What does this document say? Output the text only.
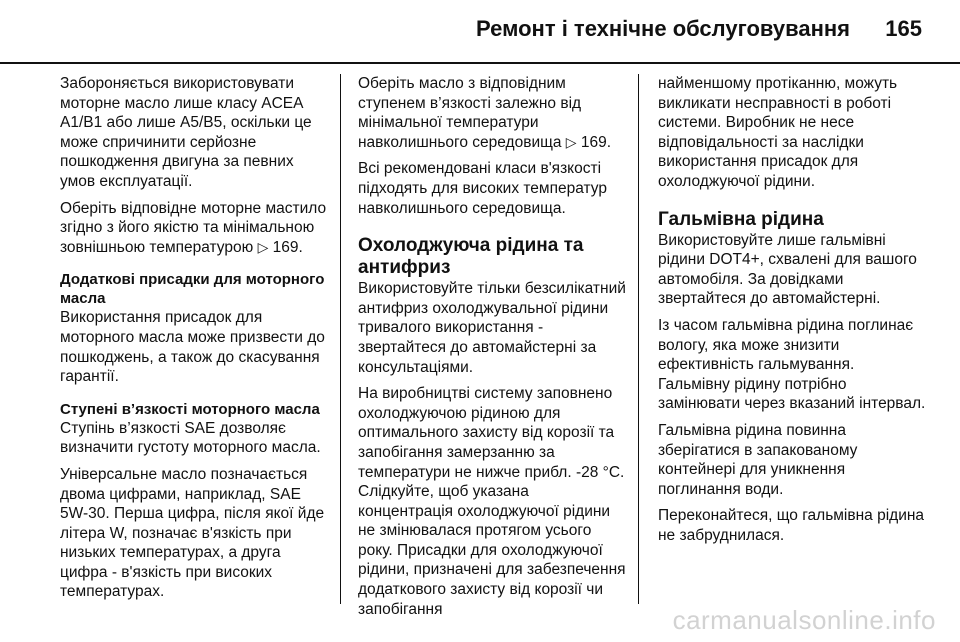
Ремонт і технічне обслуговування 165

Забороняється використовувати моторне масло лише класу ACEA A1/B1 або лише A5/B5, оскільки це може спричинити серйозне пошкодження двигуна за певних умов експлуатації.

Оберіть відповідне моторне мастило згідно з його якістю та мінімальною зовнішньою температурою ▷ 169.

Додаткові присадки для моторного масла

Використання присадок для моторного масла може призвести до пошкоджень, а також до скасування гарантії.

Ступені в’язкості моторного масла

Ступінь в’язкості SAE дозволяє визначити густоту моторного масла.

Універсальне масло позначається двома цифрами, наприклад, SAE 5W-30. Перша цифра, після якої йде літера W, позначає в'язкість при низьких температурах, а друга цифра - в'язкість при високих температурах.

Оберіть масло з відповідним ступенем в’язкості залежно від мінімальної температури навколишнього середовища ▷ 169.

Всі рекомендовані класи в'язкості підходять для високих температур навколишнього середовища.

Охолоджуюча рідина та антифриз

Використовуйте тільки безсилікатний антифриз охолоджувальної рідини тривалого використання - звертайтеся до автомайстерні за консультаціями.

На виробництві систему заповнено охолоджуючою рідиною для оптимального захисту від корозії та запобігання замерзанню за температури не нижче прибл. -28 °C. Слідкуйте, щоб указана концентрація охолоджуючої рідини не змінювалася протягом усього року. Присадки для охолоджуючої рідини, призначені для забезпечення додаткового захисту від корозії чи запобігання

найменшому протіканню, можуть викликати несправності в роботі системи. Виробник не несе відповідальності за наслідки використання присадок для охолоджуючої рідини.

Гальмівна рідина

Використовуйте лише гальмівні рідини DOT4+, схвалені для вашого автомобіля. За довідками звертайтеся до автомайстерні.

Із часом гальмівна рідина поглинає вологу, яка може знизити ефективність гальмування. Гальмівну рідину потрібно замінювати через вказаний інтервал.

Гальмівна рідина повинна зберігатися в запакованому контейнері для уникнення поглинання води.

Переконайтеся, що гальмівна рідина не забруднилася.

carmanualsonline.info
